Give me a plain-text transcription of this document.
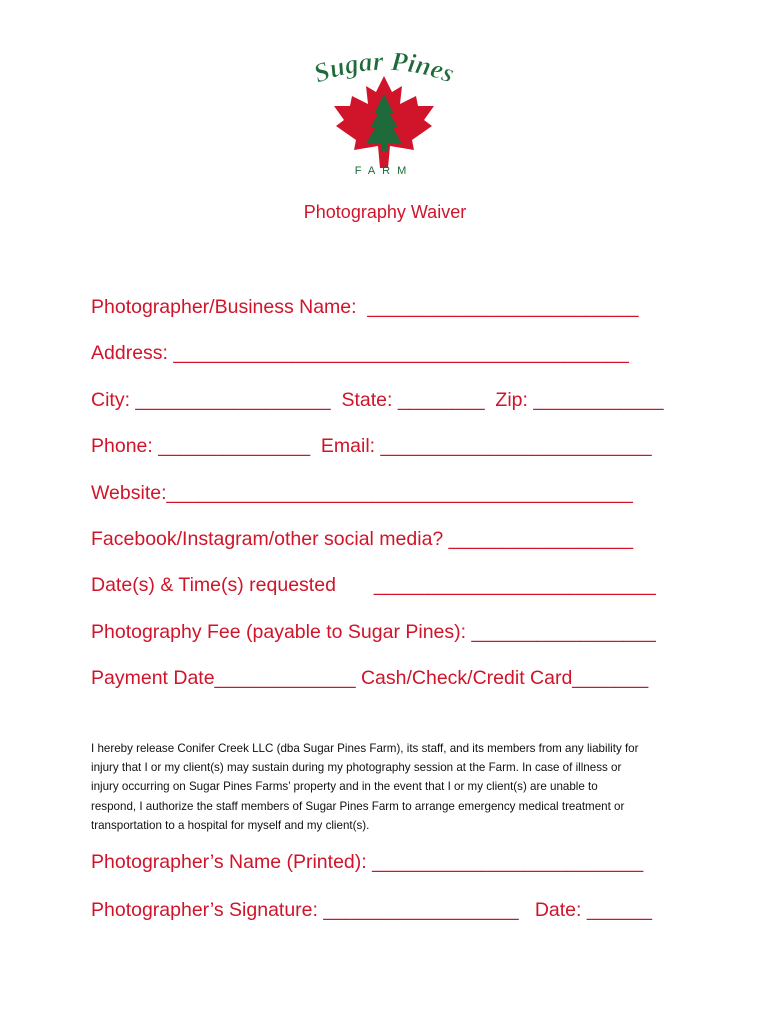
Sugar Pines
FARM
Photography Waiver
Photographer/Business Name:  _________________________
Address: __________________________________________
City: __________________  State: ________  Zip: ____________
Phone: ______________  Email: _________________________
Website:___________________________________________
Facebook/Instagram/other social media? _________________
Date(s) & Time(s) requested       __________________________
Photography Fee (payable to Sugar Pines): _________________
Payment Date_____________ Cash/Check/Credit Card_______
I hereby release Conifer Creek LLC (dba Sugar Pines Farm), its staff, and its members from any liability for
injury that I or my client(s) may sustain during my photography session at the Farm. In case of illness or
injury occurring on Sugar Pines Farms’ property and in the event that I or my client(s) are unable to
respond, I authorize the staff members of Sugar Pines Farm to arrange emergency medical treatment or
transportation to a hospital for myself and my client(s).
Photographer’s Name (Printed): _________________________
Photographer’s Signature: __________________   Date: ______
